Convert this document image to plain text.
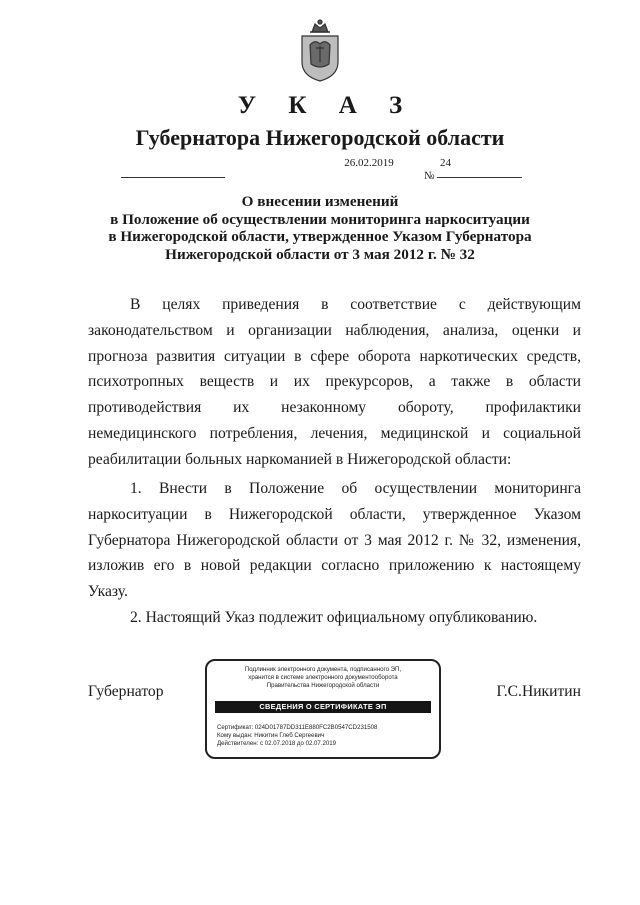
У К А З
Губернатора Нижегородской области
26.02.2019
№
24
О внесении изменений
в Положение об осуществлении мониторинга наркоситуации
в Нижегородской области, утвержденное Указом Губернатора
Нижегородской области от 3 мая 2012 г. № 32
В целях приведения в соответствие с действующим
законодательством и организации наблюдения, анализа, оценки и
прогноза развития ситуации в сфере оборота наркотических средств,
психотропных веществ и их прекурсоров, а также в области
противодействия их незаконному обороту, профилактики
немедицинского потребления, лечения, медицинской и социальной
реабилитации больных наркоманией в Нижегородской области:
1. Внести в Положение об осуществлении мониторинга
наркоситуации в Нижегородской области, утвержденное Указом
Губернатора Нижегородской области от 3 мая 2012 г. № 32, изменения,
изложив его в новой редакции согласно приложению к настоящему
Указу.
2. Настоящий Указ подлежит официальному опубликованию.
Губернатор	Г.С.Никитин
Подлинник электронного документа, подписанного ЭП,
хранится в системе электронного документооборота
Правительства Нижегородской области
СВЕДЕНИЯ О СЕРТИФИКАТЕ ЭП
Сертификат: 024D01787DD311E880FC2B0547CD231508
Кому выдан: Никитин Глеб Сергеевич
Действителен: с 02.07.2018 до 02.07.2019
